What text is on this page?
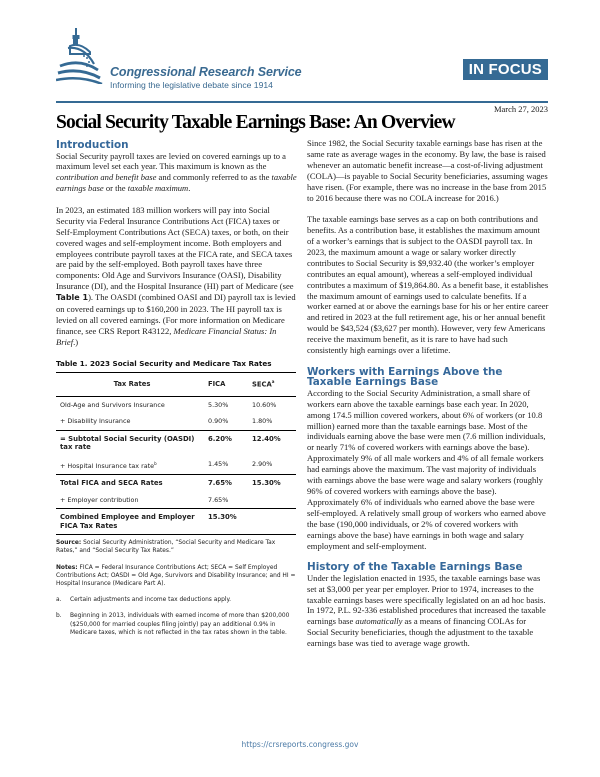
Congressional Research Service
Informing the legislative debate since 1914
IN FOCUS
March 27, 2023
Social Security Taxable Earnings Base: An Overview
Introduction

Social Security payroll taxes are levied on covered earnings up to a maximum level set each year. This maximum is known as the contribution and benefit base and commonly referred to as the taxable earnings base or the taxable maximum.

In 2023, an estimated 183 million workers will pay into Social Security via Federal Insurance Contributions Act (FICA) taxes or Self-Employment Contributions Act (SECA) taxes, or both, on their covered wages and self-employment income. Both employers and employees contribute payroll taxes at the FICA rate, and SECA taxes are paid by the self-employed. Both payroll taxes have three components: Old Age and Survivors Insurance (OASI), Disability Insurance (DI), and the Hospital Insurance (HI) part of Medicare (see Table 1). The OASDI (combined OASI and DI) payroll tax is levied on covered earnings up to $160,200 in 2023. The HI payroll tax is levied on all covered earnings. (For more information on Medicare finance, see CRS Report R43122, Medicare Financial Status: In Brief.)

Table 1. 2023 Social Security and Medicare Tax Rates
Tax Rates	FICA	SECA$^a$
Old-Age and Survivors Insurance	5.30%	10.60%
+ Disability Insurance	0.90%	1.80%
= Subtotal Social Security (OASDI) tax rate	6.20%	12.40%
+ Hospital Insurance tax rate$^b$	1.45%	2.90%
Total FICA and SECA Rates	7.65%	15.30%
+ Employer contribution	7.65%	
Combined Employee and Employer FICA Tax Rates	15.30%	

Source: Social Security Administration, “Social Security and Medicare Tax Rates,” and “Social Security Tax Rates.”

Notes: FICA = Federal Insurance Contributions Act; SECA = Self Employed Contributions Act; OASDI = Old Age, Survivors and Disability Insurance; and HI = Hospital Insurance (Medicare Part A).

a.	Certain adjustments and income tax deductions apply.

b.	Beginning in 2013, individuals with earned income of more than $200,000 ($250,000 for married couples filing jointly) pay an additional 0.9% in Medicare taxes, which is not reflected in the tax rates shown in the table.

Since 1982, the Social Security taxable earnings base has risen at the same rate as average wages in the economy. By law, the base is raised whenever an automatic benefit increase—a cost-of-living adjustment (COLA)—is payable to Social Security beneficiaries, assuming wages have risen. (For example, there was no increase in the base from 2015 to 2016 because there was no COLA increase for 2016.)

The taxable earnings base serves as a cap on both contributions and benefits. As a contribution base, it establishes the maximum amount of a worker’s earnings that is subject to the OASDI payroll tax. In 2023, the maximum amount a wage or salary worker directly contributes to Social Security is $9,932.40 (the worker’s employer contributes an equal amount), whereas a self-employed individual contributes a maximum of $19,864.80. As a benefit base, it establishes the maximum amount of earnings used to calculate benefits. If a worker earned at or above the earnings base for his or her entire career and retired in 2023 at the full retirement age, his or her annual benefit would be $43,524 ($3,627 per month). However, very few Americans receive the maximum benefit, as it is rare to have had such consistently high earnings over a lifetime.

Workers with Earnings Above the Taxable Earnings Base

According to the Social Security Administration, a small share of workers earn above the taxable earnings base each year. In 2020, among 174.5 million covered workers, about 6% of workers (or 10.8 million) earned more than the taxable earnings base. Most of the individuals earning above the base were men (7.6 million individuals, or nearly 71% of covered workers with earnings above the base). Approximately 9% of all male workers and 4% of all female workers had earnings above the maximum. The vast majority of individuals with earnings above the base were wage and salary workers (roughly 96% of covered workers with earnings above the base). Approximately 6% of individuals who earned above the base were self-employed. A relatively small group of workers who earned above the base (190,000 individuals, or 2% of covered workers with earnings above the base) have earnings in both wage and salary employment and self-employment.

History of the Taxable Earnings Base

Under the legislation enacted in 1935, the taxable earnings base was set at $3,000 per year per employer. Prior to 1974, increases to the taxable earnings bases were specifically legislated on an ad hoc basis. In 1972, P.L. 92-336 established procedures that increased the taxable earnings base automatically as a means of financing COLAs for Social Security beneficiaries, though the adjustment to the taxable earnings base was tied to average wage growth.

https://crsreports.congress.gov
